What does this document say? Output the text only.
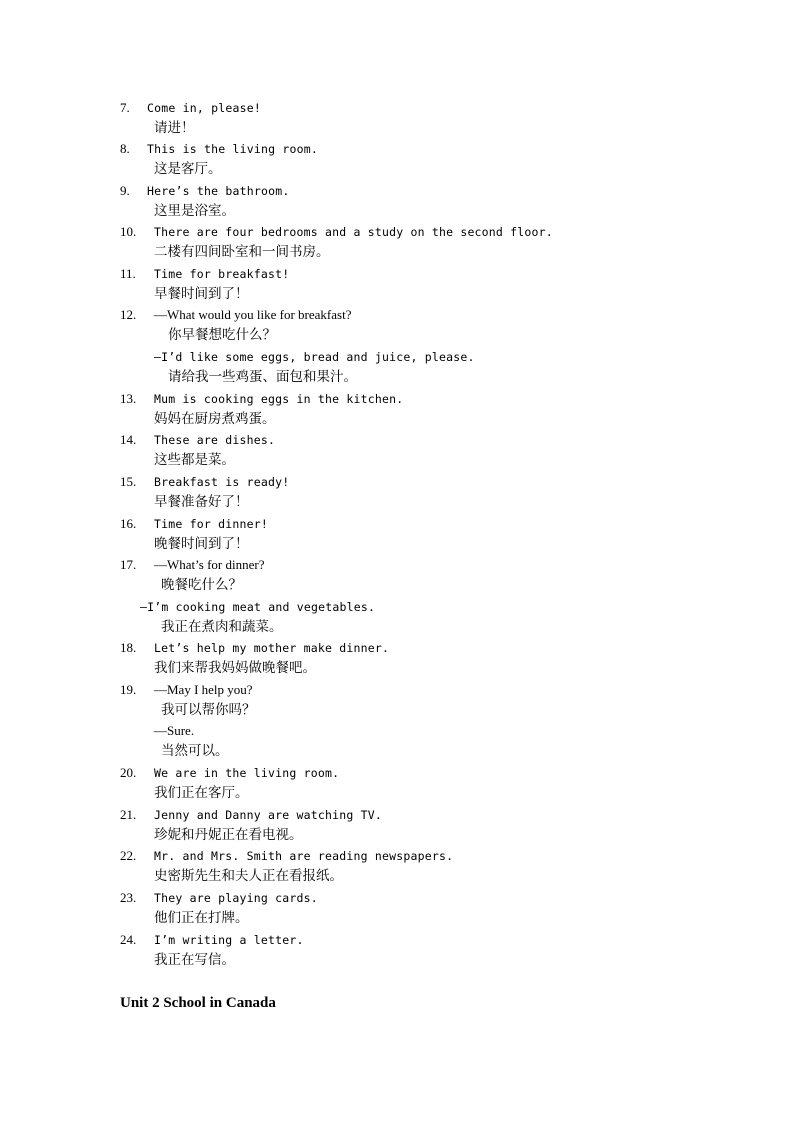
7. Come in, please!
请进！
8. This is the living room.
这是客厅。
9. Here’s the bathroom.
这里是浴室。
10. There are four bedrooms and a study on the second floor.
二楼有四间卧室和一间书房。
11. Time for breakfast!
早餐时间到了！
12. —What would you like for breakfast?
你早餐想吃什么？
—I’d like some eggs, bread and juice, please.
请给我一些鸡蛋、面包和果汁。
13. Mum is cooking eggs in the kitchen.
妈妈在厨房煮鸡蛋。
14. These are dishes.
这些都是菜。
15. Breakfast is ready!
早餐准备好了！
16. Time for dinner!
晚餐时间到了！
17. —What’s for dinner?
晚餐吃什么？
—I’m cooking meat and vegetables.
我正在煮肉和蔬菜。
18. Let’s help my mother make dinner.
我们来帮我妈妈做晚餐吧。
19. —May I help you?
我可以帮你吗？
—Sure.
当然可以。
20. We are in the living room.
我们正在客厅。
21. Jenny and Danny are watching TV.
珍妮和丹妮正在看电视。
22. Mr. and Mrs. Smith are reading newspapers.
史密斯先生和夫人正在看报纸。
23. They are playing cards.
他们正在打牌。
24. I’m writing a letter.
我正在写信。
Unit 2 School in Canada
